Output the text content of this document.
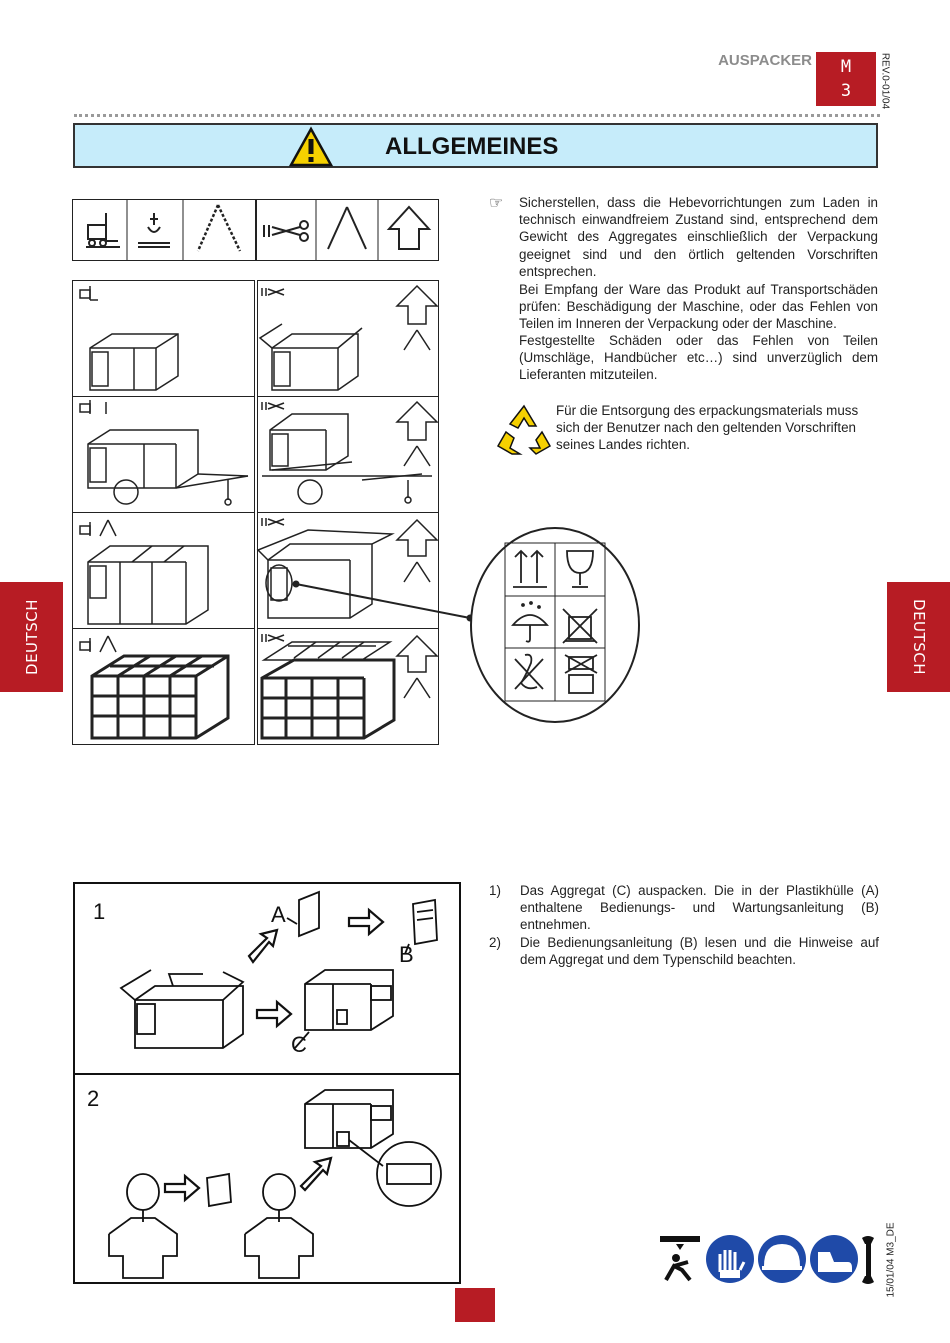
AUSPACKER	M
3	REV.0-01/04
ALLGEMEINES
DEUTSCH	DEUTSCH
☞ Sicherstellen, dass die Hebevorrichtungen zum Laden in technisch einwandfreiem Zustand sind, entsprechend dem Gewicht des Aggregates einschließlich der Verpackung geeignet sind und den örtlich geltenden Vorschriften entsprechen.
Bei Empfang der Ware das Produkt auf Transportschäden prüfen: Beschädigung der Maschine, oder das Fehlen von Teilen im Inneren der Verpackung oder der Maschine.
Festgestellte Schäden oder das Fehlen von Teilen (Umschläge, Handbücher etc…) sind unverzüglich dem Lieferanten mitzuteilen.
Für die Entsorgung des erpackungsmaterials muss sich der Benutzer nach den geltenden Vorschriften seines Landes richten.
1
2
A
B
C
1)	Das Aggregat (C) auspacken. Die in der Plastikhülle (A) enthaltene Bedienungs- und Wartungsanleitung (B) entnehmen.
2)	Die Bedienungsanleitung (B) lesen und die Hinweise auf dem Aggregat und dem Typenschild beachten.
15/01/04 M3_DE
